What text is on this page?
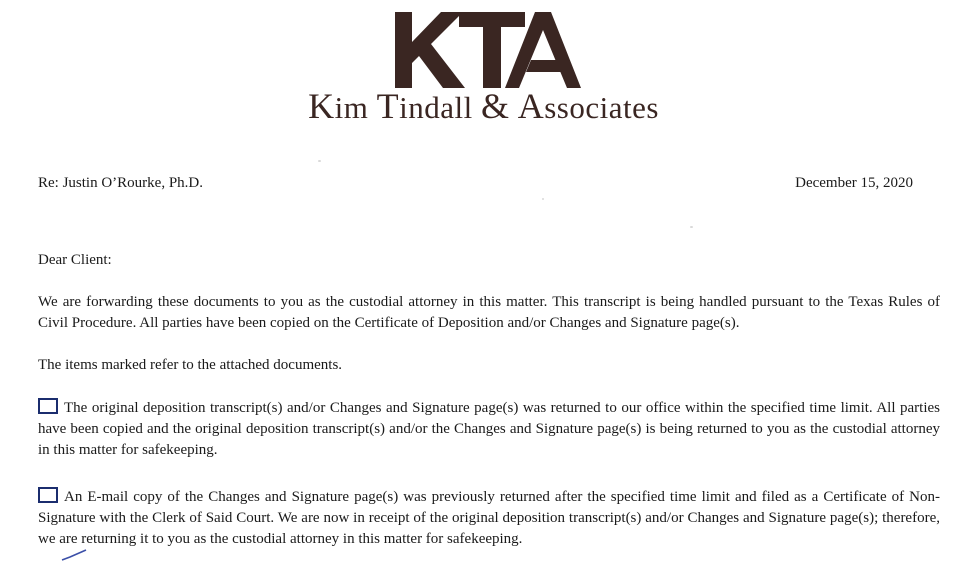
Kim Tindall & Associates
Re: Justin O’Rourke, Ph.D.	December 15, 2020
Dear Client:
We are forwarding these documents to you as the custodial attorney in this matter. This transcript is being handled pursuant to the Texas Rules of Civil Procedure. All parties have been copied on the Certificate of Deposition and/or Changes and Signature page(s).
The items marked refer to the attached documents.
The original deposition transcript(s) and/or Changes and Signature page(s) was returned to our office within the specified time limit. All parties have been copied and the original deposition transcript(s) and/or the Changes and Signature page(s) is being returned to you as the custodial attorney in this matter for safekeeping.
An E-mail copy of the Changes and Signature page(s) was previously returned after the specified time limit and filed as a Certificate of Non-Signature with the Clerk of Said Court. We are now in receipt of the original deposition transcript(s) and/or Changes and Signature page(s); therefore, we are returning it to you as the custodial attorney in this matter for safekeeping.
